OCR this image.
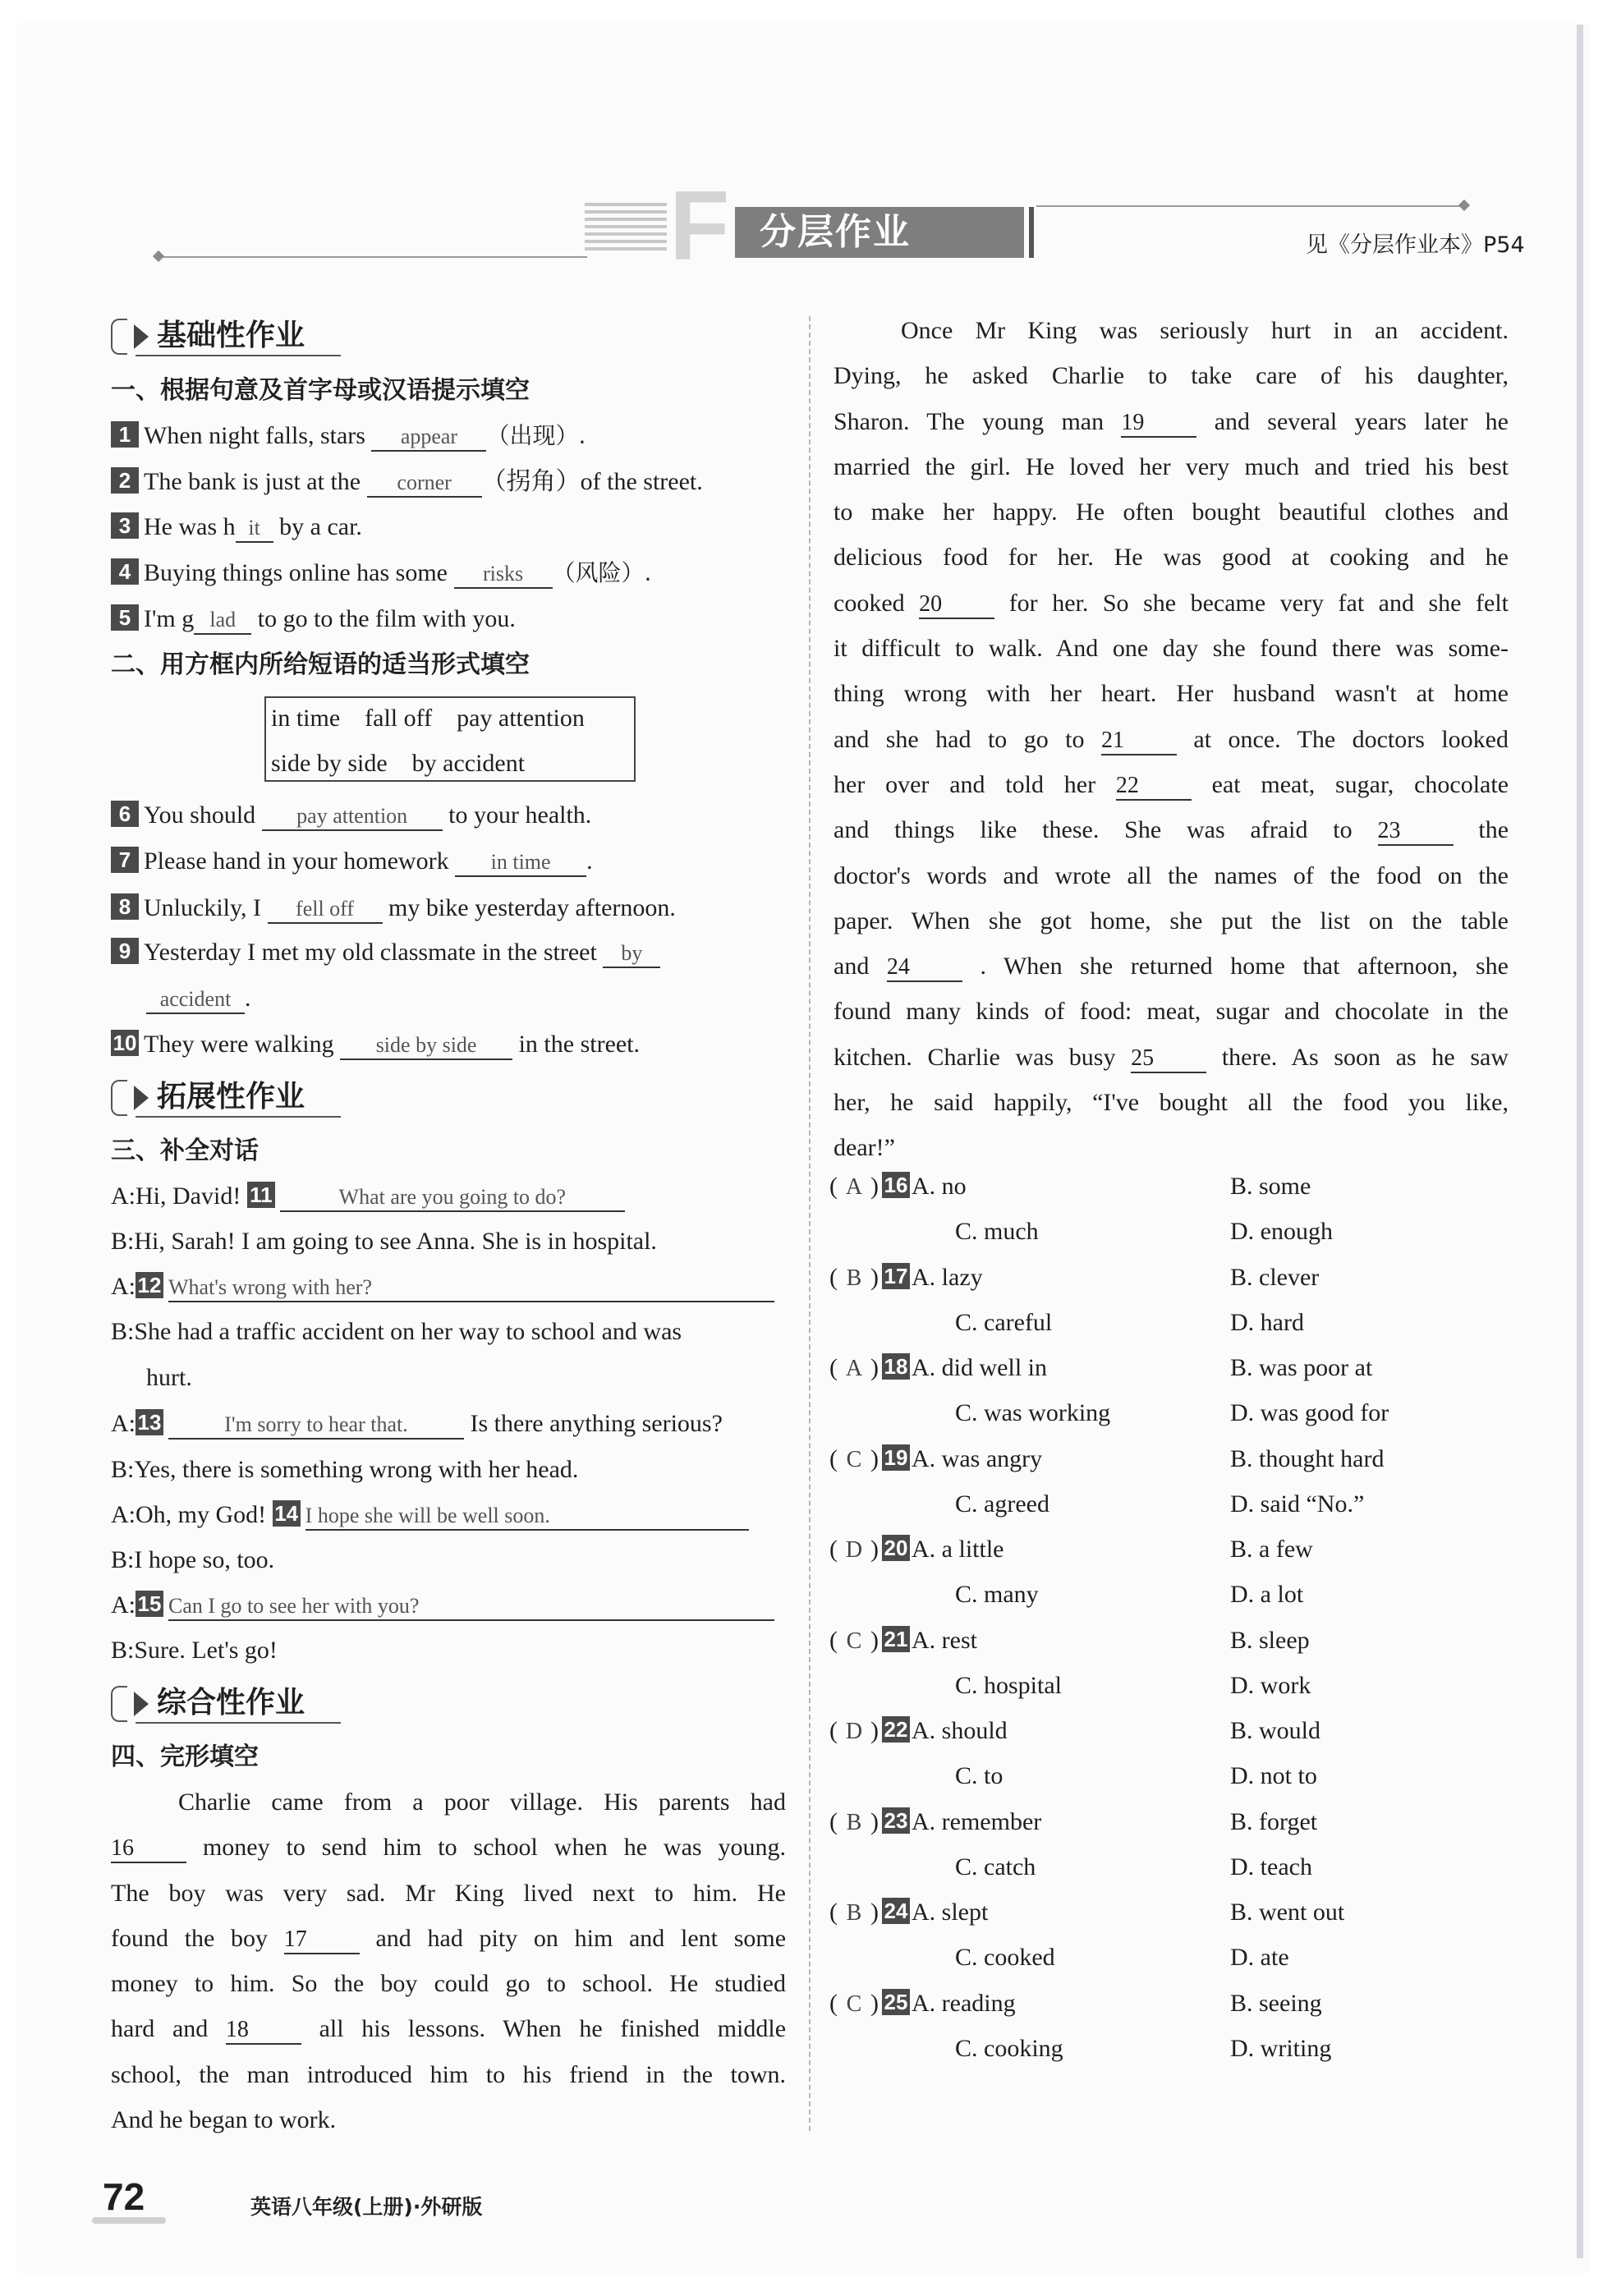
F 分层作业	见《分层作业本》P54
基础性作业
一、根据句意及首字母或汉语提示填空
1 When night falls, stars appear （出现）.
2 The bank is just at the corner （拐角）of the street.
3 He was h it by a car.
4 Buying things online has some risks （风险）.
5 I'm g lad to go to the film with you.
二、用方框内所给短语的适当形式填空
in time    fall off    pay attention
side by side    by accident
6 You should pay attention to your health.
7 Please hand in your homework in time .
8 Unluckily, I fell off my bike yesterday afternoon.
9 Yesterday I met my old classmate in the street by
accident .
10 They were walking side by side in the street.
拓展性作业
三、补全对话
A:Hi, David! 11	What are you going to do?
B:Hi, Sarah! I am going to see Anna. She is in hospital.
A:12 What's wrong with her?
B:She had a traffic accident on her way to school and was
hurt.
A:13	I'm sorry to hear that. Is there anything serious?
B:Yes, there is something wrong with her head.
A:Oh, my God! 14 I hope she will be well soon.
B:I hope so, too.
A:15 Can I go to see her with you?
B:Sure. Let's go!
综合性作业
四、完形填空
Charlie came from a poor village. His parents had
16	money to send him to school when he was young.
The boy was very sad. Mr King lived next to him. He
found the boy 17	and had pity on him and lent some
money to him. So the boy could go to school. He studied
hard and 18	all his lessons. When he finished middle
school, the man introduced him to his friend in the town.
And he began to work.
Once Mr King was seriously hurt in an accident.
Dying, he asked Charlie to take care of his daughter,
Sharon. The young man 19	and several years later he
married the girl. He loved her very much and tried his best
to make her happy. He often bought beautiful clothes and
delicious food for her. He was good at cooking and he
cooked 20	for her. So she became very fat and she felt
it difficult to walk. And one day she found there was some-
thing wrong with her heart. Her husband wasn't at home
and she had to go to 21	at once. The doctors looked
her over and told her 22	eat meat, sugar, chocolate
and things like these. She was afraid to 23	the
doctor's words and wrote all the names of the food on the
paper. When she got home, she put the list on the table
and 24	. When she returned home that afternoon, she
found many kinds of food: meat, sugar and chocolate in the
kitchen. Charlie was busy 25	there. As soon as he saw
her, he said happily, “I've bought all the food you like,
dear!”
( A ) 16 A. no	B. some
C. much	D. enough
( B ) 17 A. lazy	B. clever
C. careful	D. hard
( A ) 18 A. did well in	B. was poor at
C. was working	D. was good for
( C ) 19 A. was angry	B. thought hard
C. agreed	D. said “No.”
( D ) 20 A. a little	B. a few
C. many	D. a lot
( C ) 21 A. rest	B. sleep
C. hospital	D. work
( D ) 22 A. should	B. would
C. to	D. not to
( B ) 23 A. remember	B. forget
C. catch	D. teach
( B ) 24 A. slept	B. went out
C. cooked	D. ate
( C ) 25 A. reading	B. seeing
C. cooking	D. writing
72	英语八年级(上册)·外研版
